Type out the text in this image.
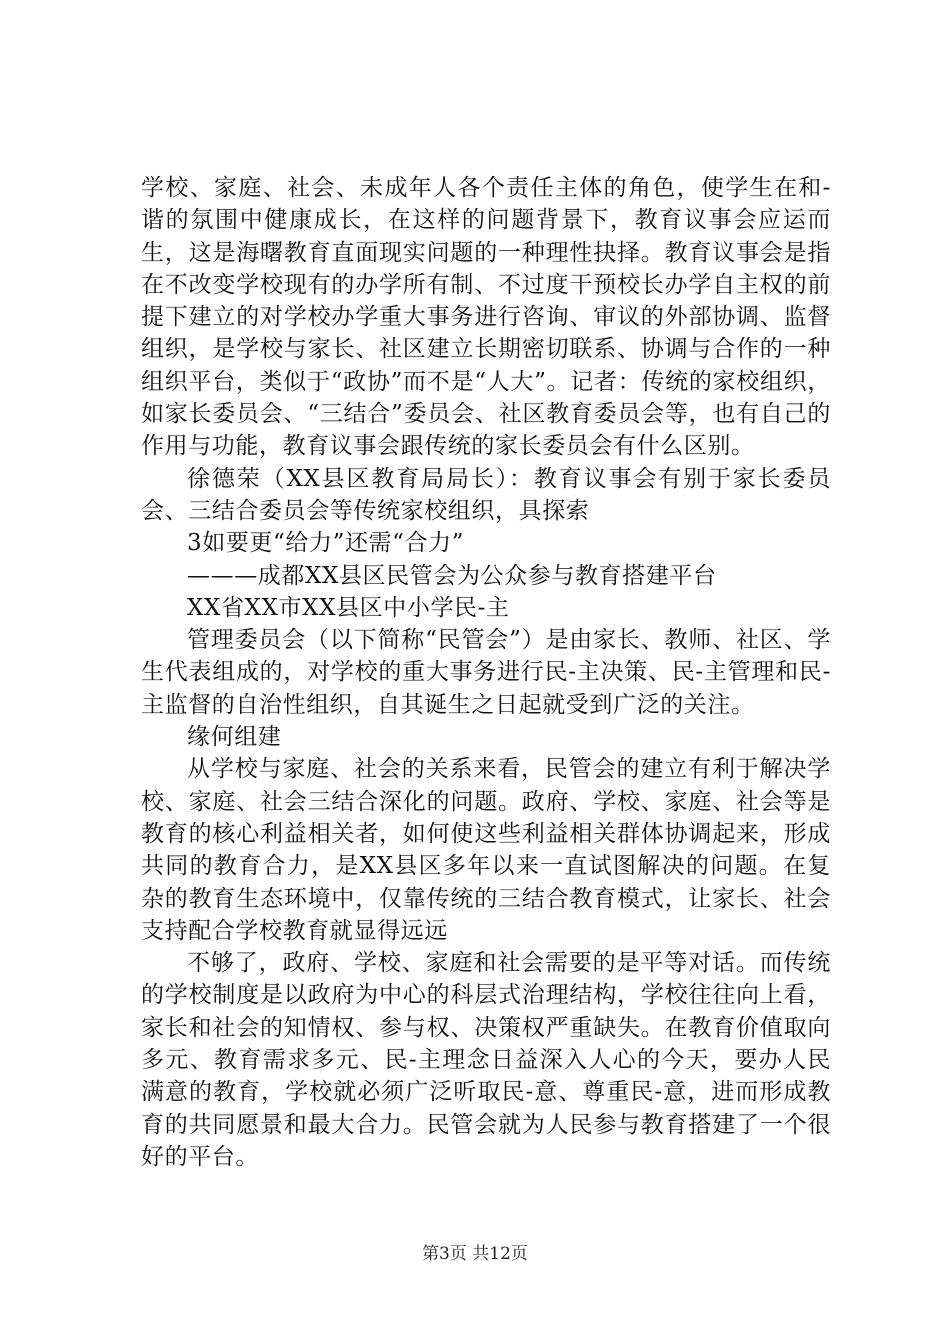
学校、家庭、社会、未成年人各个责任主体的角色，使学生在和-谐的氛围中健康成长，在这样的问题背景下，教育议事会应运而生，这是海曙教育直面现实问题的一种理性抉择。教育议事会是指在不改变学校现有的办学所有制、不过度干预校长办学自主权的前提下建立的对学校办学重大事务进行咨询、审议的外部协调、监督组织，是学校与家长、社区建立长期密切联系、协调与合作的一种组织平台，类似于“政协”而不是“人大”。记者：传统的家校组织，如家长委员会、“三结合”委员会、社区教育委员会等，也有自己的作用与功能，教育议事会跟传统的家长委员会有什么区别。

徐德荣（XX县区教育局局长）：教育议事会有别于家长委员会、三结合委员会等传统家校组织，具探索

3如要更“给力”还需“合力”

———成都XX县区民管会为公众参与教育搭建平台

XX省XX市XX县区中小学民-主

管理委员会（以下简称“民管会”）是由家长、教师、社区、学生代表组成的，对学校的重大事务进行民-主决策、民-主管理和民-主监督的自治性组织，自其诞生之日起就受到广泛的关注。

缘何组建

从学校与家庭、社会的关系来看，民管会的建立有利于解决学校、家庭、社会三结合深化的问题。政府、学校、家庭、社会等是教育的核心利益相关者，如何使这些利益相关群体协调起来，形成共同的教育合力，是XX县区多年以来一直试图解决的问题。在复杂的教育生态环境中，仅靠传统的三结合教育模式，让家长、社会支持配合学校教育就显得远远

不够了，政府、学校、家庭和社会需要的是平等对话。而传统的学校制度是以政府为中心的科层式治理结构，学校往往向上看，家长和社会的知情权、参与权、决策权严重缺失。在教育价值取向多元、教育需求多元、民-主理念日益深入人心的今天，要办人民满意的教育，学校就必须广泛听取民-意、尊重民-意，进而形成教育的共同愿景和最大合力。民管会就为人民参与教育搭建了一个很好的平台。

第3页 共12页
